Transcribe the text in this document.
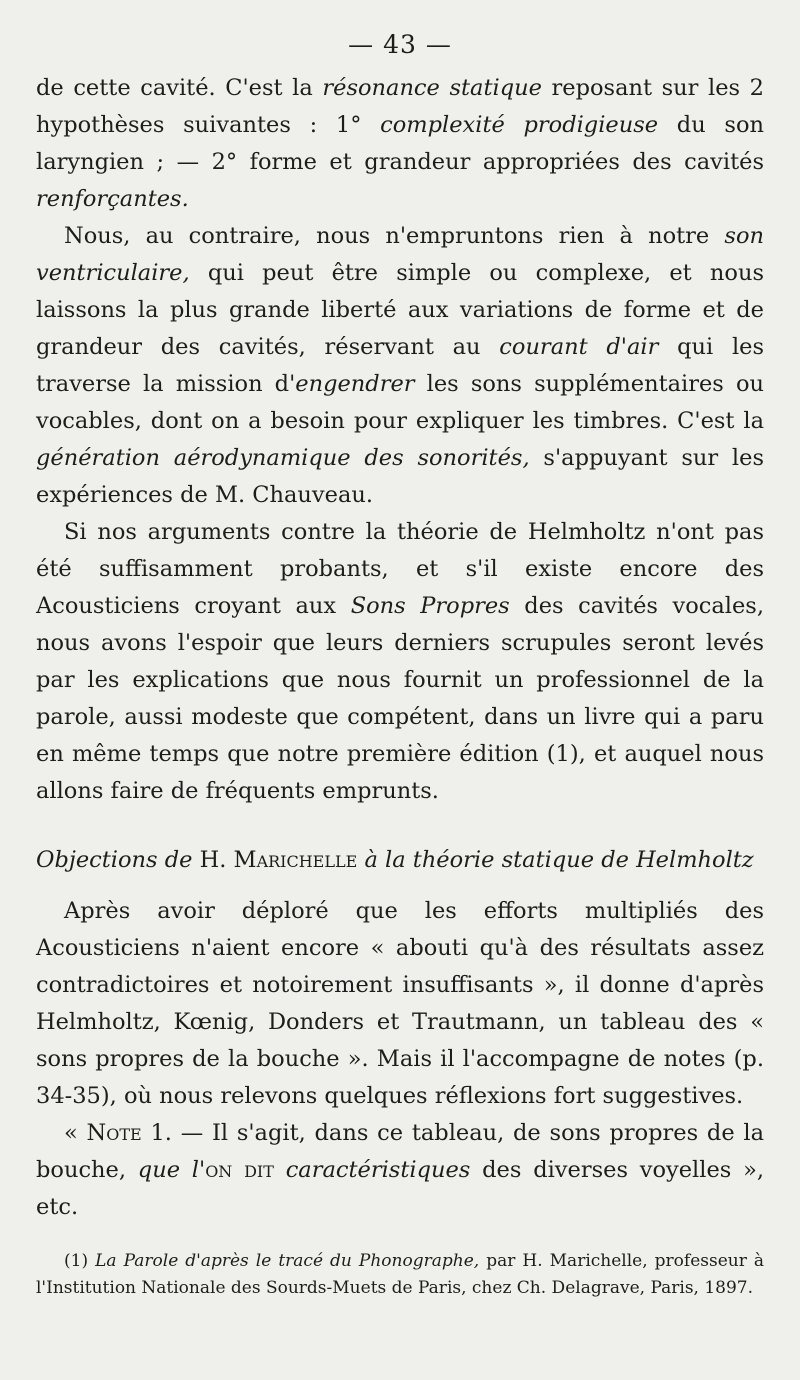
— 43 —

de cette cavité. C'est la résonance statique reposant sur les 2 hypothèses suivantes : 1° complexité prodigieuse du son laryngien ; — 2° forme et grandeur appropriées des cavités renforçantes.

Nous, au contraire, nous n'empruntons rien à notre son ventriculaire, qui peut être simple ou complexe, et nous laissons la plus grande liberté aux variations de forme et de grandeur des cavités, réservant au courant d'air qui les traverse la mission d'engendrer les sons supplémentaires ou vocables, dont on a besoin pour expliquer les timbres. C'est la génération aérodynamique des sonorités, s'appuyant sur les expériences de M. Chauveau.

Si nos arguments contre la théorie de Helmholtz n'ont pas été suffisamment probants, et s'il existe encore des Acousticiens croyant aux Sons Propres des cavités vocales, nous avons l'espoir que leurs derniers scrupules seront levés par les explications que nous fournit un professionnel de la parole, aussi modeste que compétent, dans un livre qui a paru en même temps que notre première édition (1), et auquel nous allons faire de fréquents emprunts.

Objections de H. Marichelle à la théorie statique de Helmholtz

Après avoir déploré que les efforts multipliés des Acousticiens n'aient encore « abouti qu'à des résultats assez contradictoires et notoirement insuffisants », il donne d'après Helmholtz, Kœnig, Donders et Trautmann, un tableau des « sons propres de la bouche ». Mais il l'accompagne de notes (p. 34-35), où nous relevons quelques réflexions fort suggestives.

« Note 1. — Il s'agit, dans ce tableau, de sons propres de la bouche, que l'on dit caractéristiques des diverses voyelles », etc.

(1) La Parole d'après le tracé du Phonographe, par H. Marichelle, professeur à l'Institution Nationale des Sourds-Muets de Paris, chez Ch. Delagrave, Paris, 1897.
